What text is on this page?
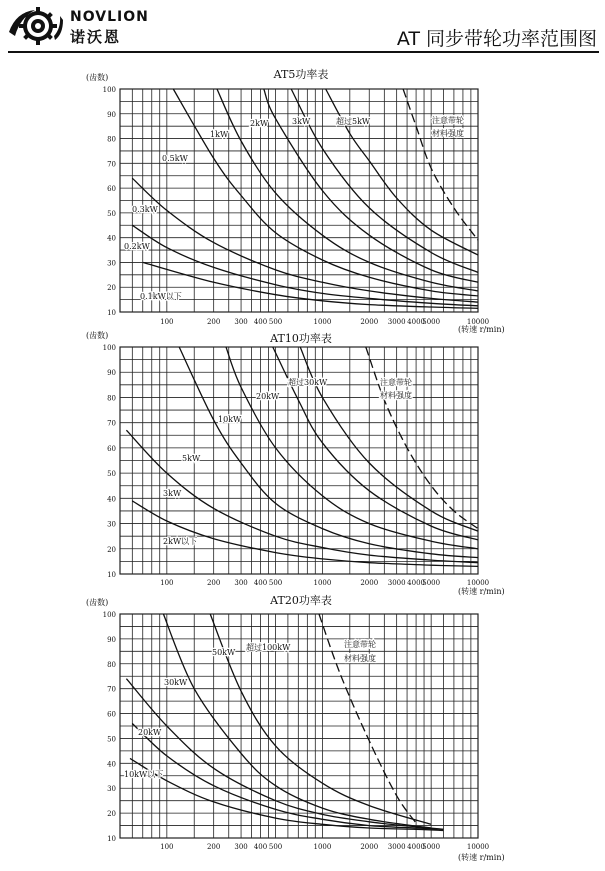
NOVLION
诺沃恩	AT 同步带轮功率范围图
10
20
30
40
50
60
70
80
90
100
100	200 300 400 500	1000	2000 3000 4000
5000	10000
AT5功率表
(齿数)
(转速 r/min)
0.1kW以下
0.2kW
0.3kW
0.5kW
1kW
2kW	3kW	超过5kW	注意带轮
材料强度
10
20
30
40
50
60
70
80
90
100
100	200 300 400 500	1000	2000 3000 4000
5000	10000
AT10功率表
(齿数)
(转速 r/min)
2kW以下
3kW
5kW
10kW
20kW
超过30kW	注意带轮
材料强度
10
20
30
40
50
60
70
80
90
100
100	200 300 400 500	1000	2000 3000 4000
5000	10000
AT20功率表
(齿数)
(转速 r/min)
10kW以下
20kW
30kW
50kW
超过100kW	注意带轮
材料强度
